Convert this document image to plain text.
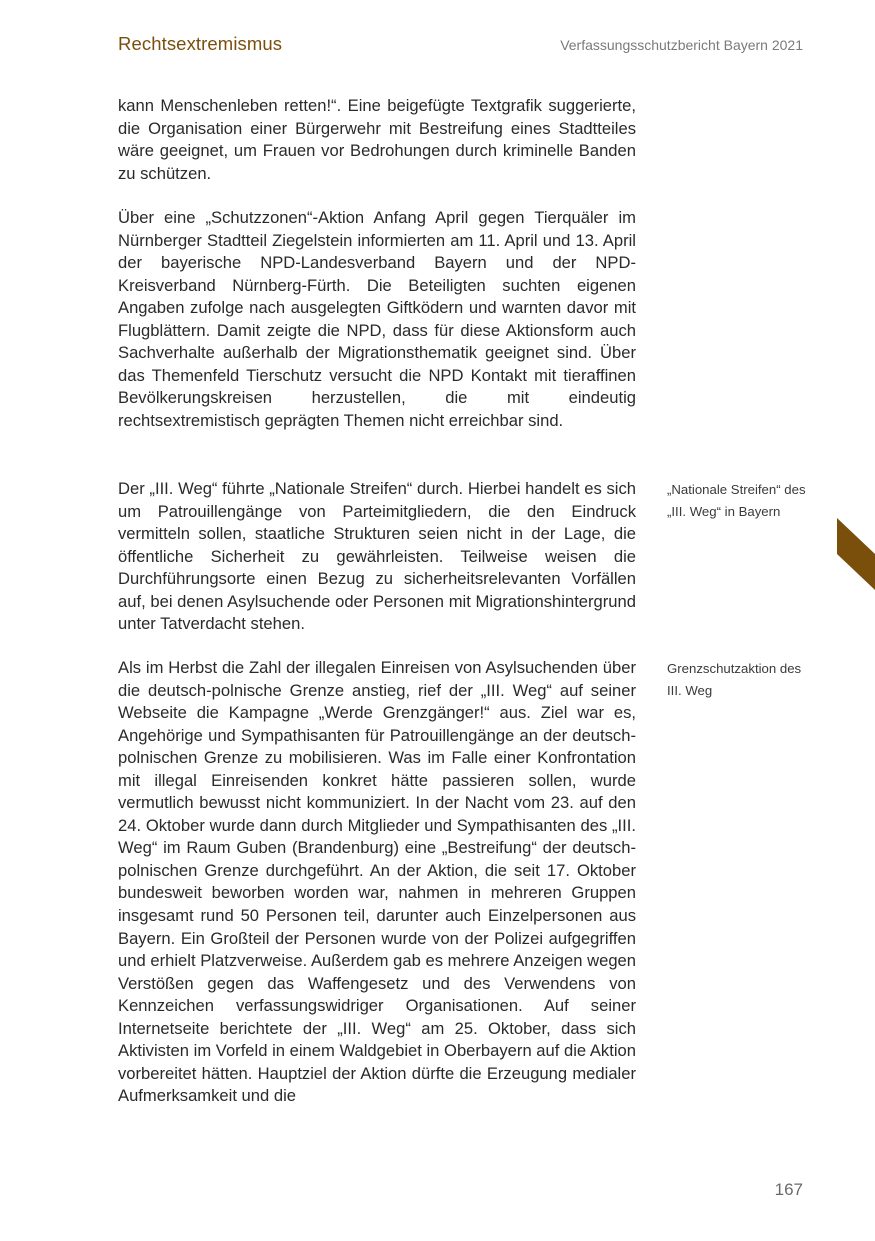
Rechtsextremismus	Verfassungsschutzbericht Bayern 2021

kann Menschenleben retten!“. Eine beigefügte Textgrafik suggerierte, die Organisation einer Bürgerwehr mit Bestreifung eines Stadtteiles wäre geeignet, um Frauen vor Bedrohungen durch kriminelle Banden zu schützen.

Über eine „Schutzzonen“-Aktion Anfang April gegen Tierquäler im Nürnberger Stadtteil Ziegelstein informierten am 11. April und 13. April der bayerische NPD-Landesverband Bayern und der NPD-Kreisverband Nürnberg-Fürth. Die Beteiligten suchten eigenen Angaben zufolge nach ausgelegten Giftködern und warnten davor mit Flugblättern. Damit zeigte die NPD, dass für diese Aktionsform auch Sachverhalte außerhalb der Migrationsthematik geeignet sind. Über das Themenfeld Tierschutz versucht die NPD Kontakt mit tieraffinen Bevölkerungskreisen herzustellen, die mit eindeutig rechtsextremistisch geprägten Themen nicht erreichbar sind.

Der „III. Weg“ führte „Nationale Streifen“ durch. Hierbei handelt es sich um Patrouillengänge von Parteimitgliedern, die den Eindruck vermitteln sollen, staatliche Strukturen seien nicht in der Lage, die öffentliche Sicherheit zu gewährleisten. Teilweise weisen die Durchführungsorte einen Bezug zu sicherheitsrelevanten Vorfällen auf, bei denen Asylsuchende oder Personen mit Migrationshintergrund unter Tatverdacht stehen.

Als im Herbst die Zahl der illegalen Einreisen von Asylsuchenden über die deutsch-polnische Grenze anstieg, rief der „III. Weg“ auf seiner Webseite die Kampagne „Werde Grenzgänger!“ aus. Ziel war es, Angehörige und Sympathisanten für Patrouillengänge an der deutsch-polnischen Grenze zu mobilisieren. Was im Falle einer Konfrontation mit illegal Einreisenden konkret hätte passieren sollen, wurde vermutlich bewusst nicht kommuniziert. In der Nacht vom 23. auf den 24. Oktober wurde dann durch Mitglieder und Sympathisanten des „III. Weg“ im Raum Guben (Brandenburg) eine „Bestreifung“ der deutsch-polnischen Grenze durchgeführt. An der Aktion, die seit 17. Oktober bundesweit beworben worden war, nahmen in mehreren Gruppen insgesamt rund 50 Personen teil, darunter auch Einzelpersonen aus Bayern. Ein Großteil der Personen wurde von der Polizei aufgegriffen und erhielt Platzverweise. Außerdem gab es mehrere Anzeigen wegen Verstößen gegen das Waffengesetz und des Verwendens von Kennzeichen verfassungswidriger Organisationen. Auf seiner Internetseite berichtete der „III. Weg“ am 25. Oktober, dass sich Aktivisten im Vorfeld in einem Waldgebiet in Oberbayern auf die Aktion vorbereitet hätten. Hauptziel der Aktion dürfte die Erzeugung medialer Aufmerksamkeit und die

„Nationale Streifen“ des „III. Weg“ in Bayern
Grenzschutzaktion des III. Weg
167
